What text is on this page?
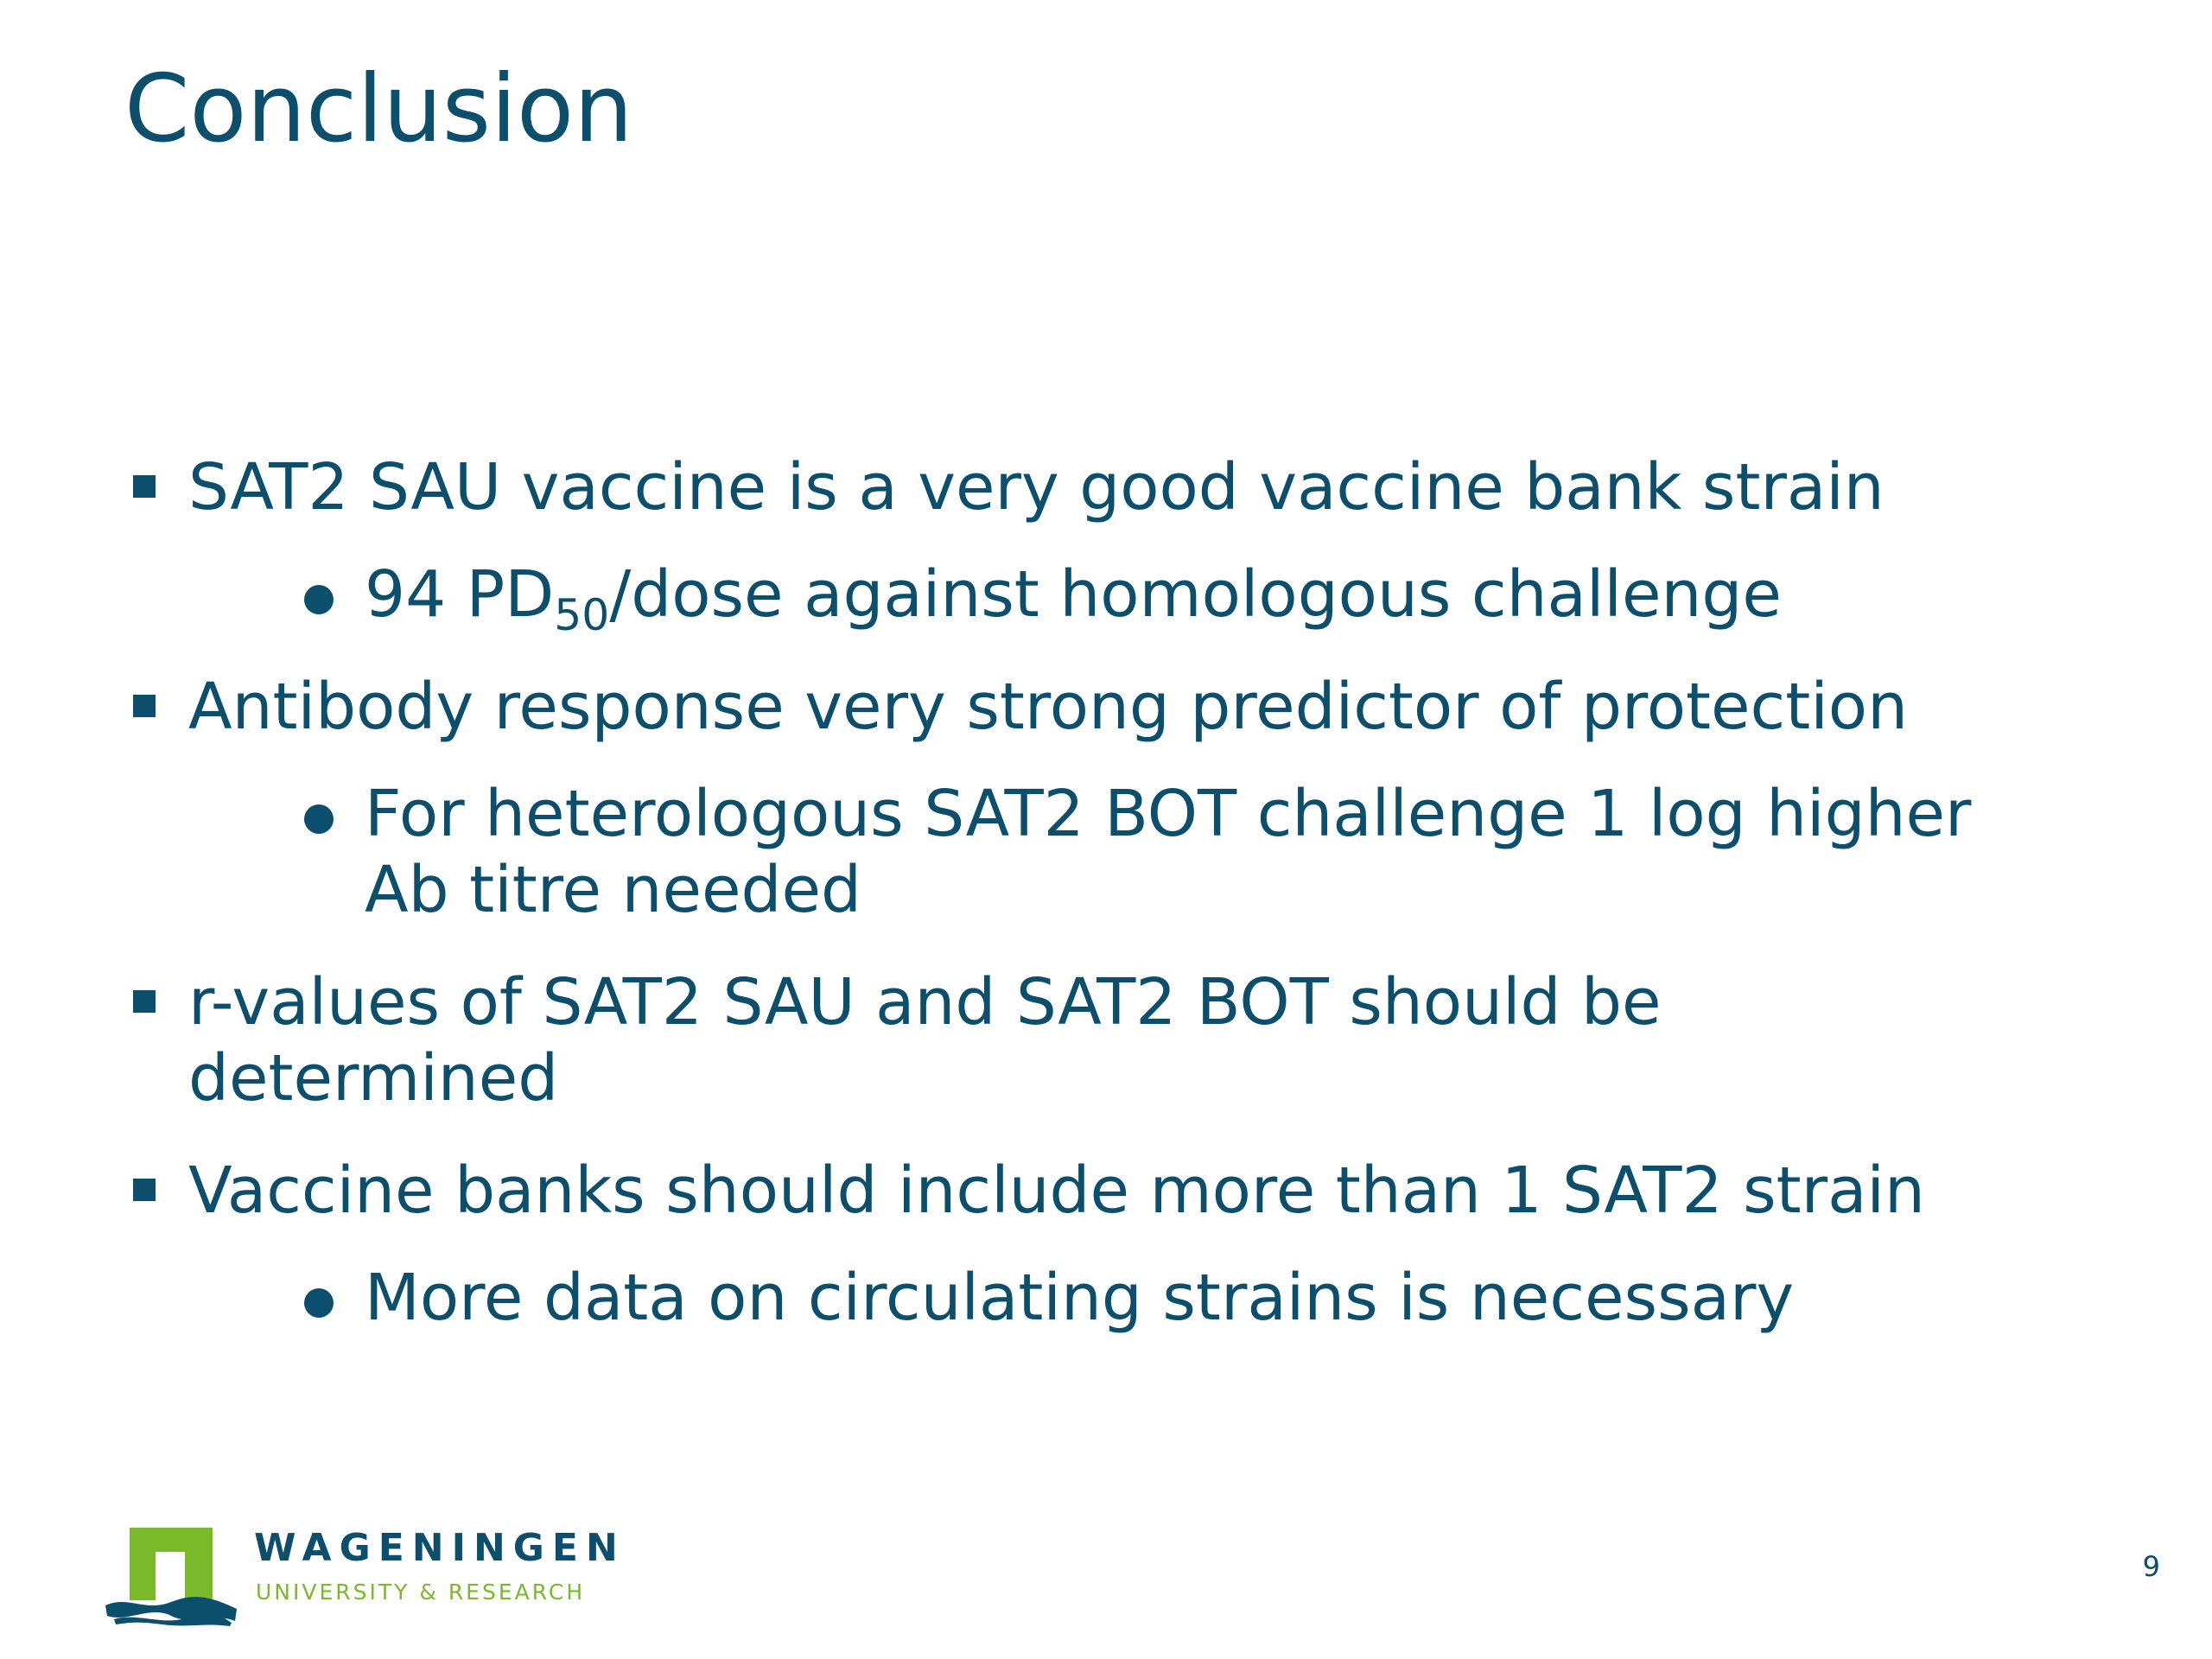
Conclusion
SAT2 SAU vaccine is a very good vaccine bank strain
94 $PD_{50}$/dose against homologous challenge
Antibody response very strong predictor of protection
For heterologous SAT2 BOT challenge 1 log higher
Ab titre needed
r-values of SAT2 SAU and SAT2 BOT should be
determined
Vaccine banks should include more than 1 SAT2 strain
More data on circulating strains is necessary
WAGENINGEN
UNIVERSITY & RESEARCH
9
